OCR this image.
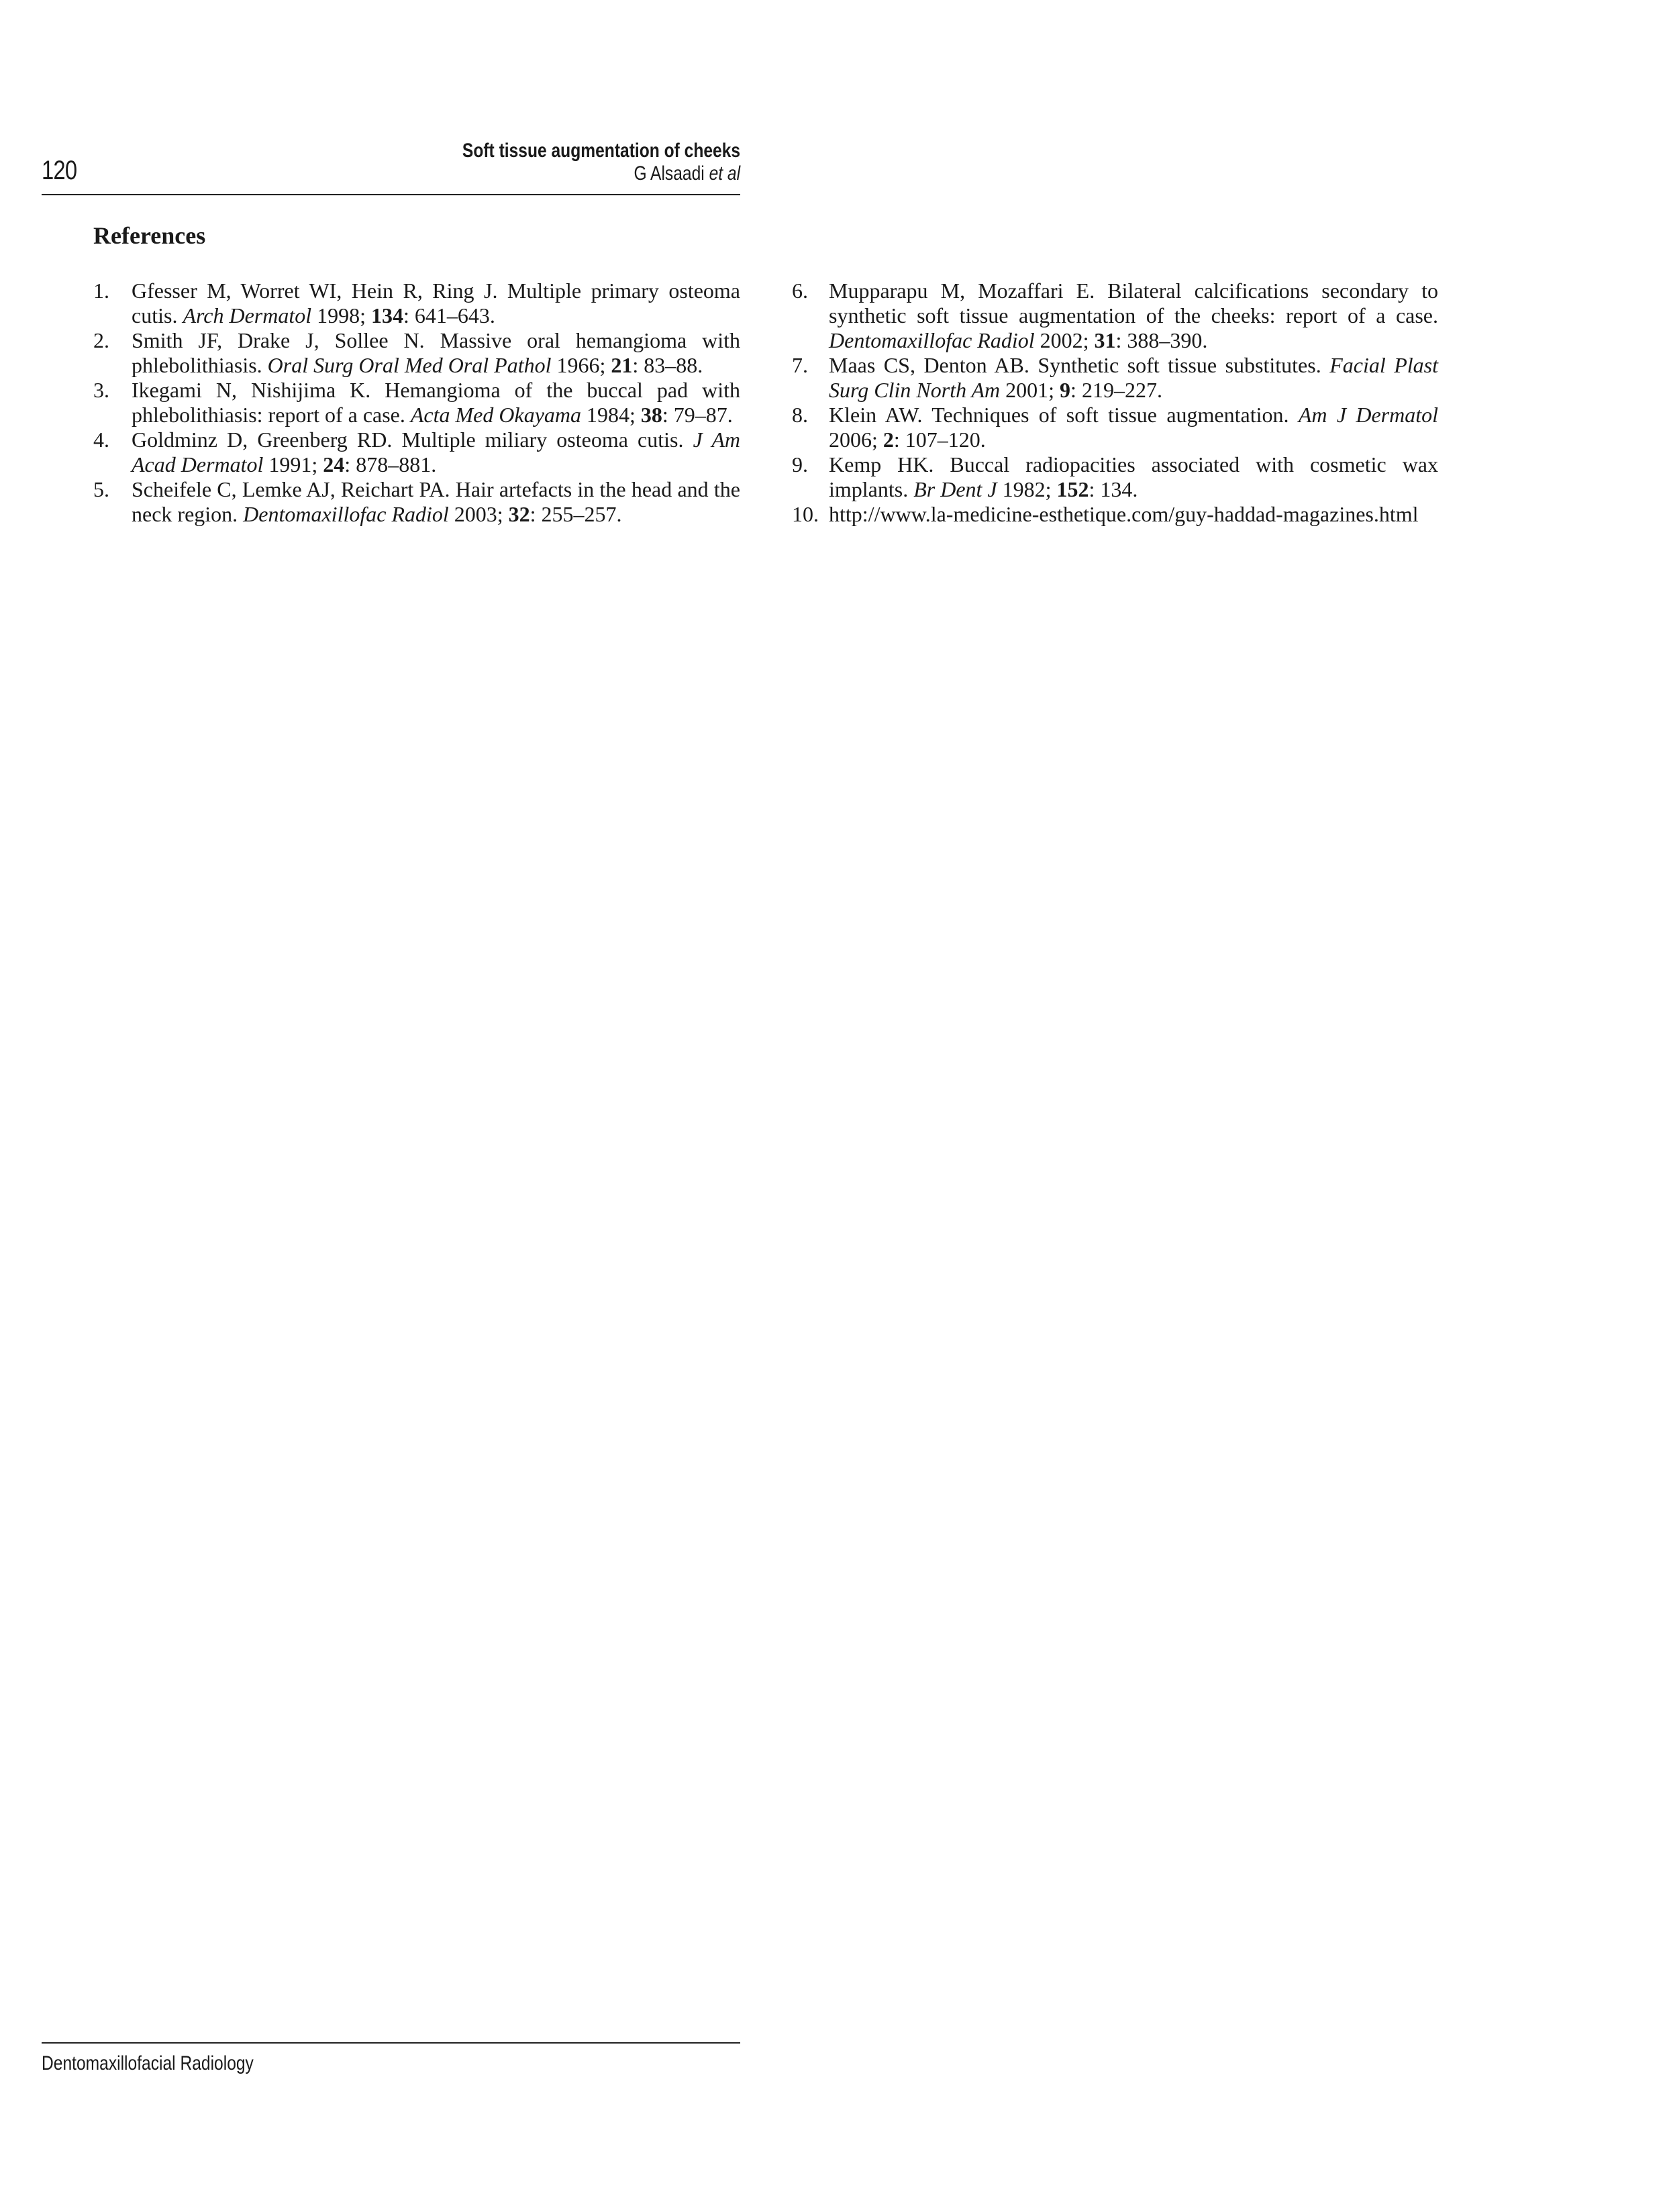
120
Soft tissue augmentation of cheeks
G Alsaadi et al
References
1.	Gfesser M, Worret WI, Hein R, Ring J. Multiple primary osteoma cutis. Arch Dermatol 1998; 134: 641–643.
2.	Smith JF, Drake J, Sollee N. Massive oral hemangioma with phlebolithiasis. Oral Surg Oral Med Oral Pathol 1966; 21: 83–88.
3.	Ikegami N, Nishijima K. Hemangioma of the buccal pad with phlebolithiasis: report of a case. Acta Med Okayama 1984; 38: 79–87.
4.	Goldminz D, Greenberg RD. Multiple miliary osteoma cutis. J Am Acad Dermatol 1991; 24: 878–881.
5.	Scheifele C, Lemke AJ, Reichart PA. Hair artefacts in the head and the neck region. Dentomaxillofac Radiol 2003; 32: 255–257.
6. Mupparapu M, Mozaffari E. Bilateral calcifications secondary to synthetic soft tissue augmentation of the cheeks: report of a case. Dentomaxillofac Radiol 2002; 31: 388–390.
7. Maas CS, Denton AB. Synthetic soft tissue substitutes. Facial Plast Surg Clin North Am 2001; 9: 219–227.
8. Klein AW. Techniques of soft tissue augmentation. Am J Dermatol 2006; 2: 107–120.
9. Kemp HK. Buccal radiopacities associated with cosmetic wax implants. Br Dent J 1982; 152: 134.
10. http://www.la-medicine-esthetique.com/guy-haddad-magazines.html
Dentomaxillofacial Radiology
